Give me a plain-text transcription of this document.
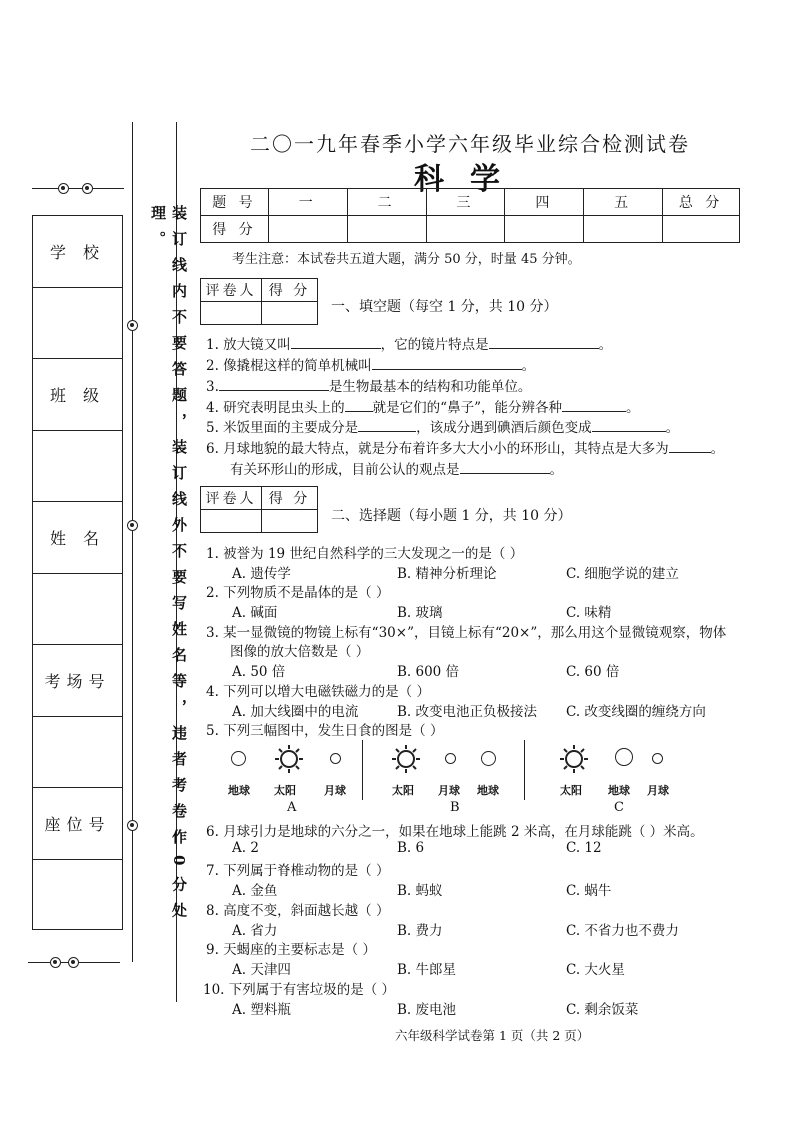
学 校
班 级
姓 名
考场号
座位号	装订线内不要答题，装订线外不要写姓名等，违者考卷作0分处理。
二〇一九年春季小学六年级毕业综合检测试卷
科学
题 号	一	二	三	四	五	总 分
得 分						
考生注意：本试卷共五道大题，满分 50 分，时量 45 分钟。
评卷人	得 分

一、填空题（每空 1 分，共 10 分）
1. 放大镜又叫	，它的镜片特点是	。
2. 像撬棍这样的简单机械叫	。
3.	是生物最基本的结构和功能单位。
4. 研究表明昆虫头上的 就是它们的“鼻子”，能分辨各种	。
5. 米饭里面的主要成分是	，该成分遇到碘酒后颜色变成	。
6. 月球地貌的最大特点，就是分布着许多大大小小的环形山，其特点是大多为	。
有关环形山的形成，目前公认的观点是	。
评卷人	得 分

二、选择题（每小题 1 分，共 10 分）
1. 被誉为 19 世纪自然科学的三大发现之一的是（ ）
A. 遗传学	B. 精神分析理论	C. 细胞学说的建立
2. 下列物质不是晶体的是（ ）
A. 碱面	B. 玻璃	C. 味精
3. 某一显微镜的物镜上标有“30×”，目镜上标有“20×”，那么用这个显微镜观察，物体
图像的放大倍数是（ ）
A. 50 倍	B. 600 倍	C. 60 倍
4. 下列可以增大电磁铁磁力的是（ ）
A. 加大线圈中的电流	B. 改变电池正负极接法 C. 改变线圈的缠绕方向
5. 下列三幅图中，发生日食的图是（ ）
地球 太阳	月球
A
太阳 月球 地球
B
太阳 地球 月球
C
6. 月球引力是地球的六分之一，如果在地球上能跳 2 米高，在月球能跳（ ）米高。
A. 2	B. 6	C. 12
7. 下列属于脊椎动物的是（ ）
A. 金鱼	B. 蚂蚁	C. 蜗牛
8. 高度不变，斜面越长越（ ）
A. 省力	B. 费力	C. 不省力也不费力
9. 天蝎座的主要标志是（ ）
A. 天津四	B. 牛郎星	C. 大火星
10. 下列属于有害垃圾的是（ ）
A. 塑料瓶	B. 废电池	C. 剩余饭菜
六年级科学试卷第 1 页（共 2 页）
